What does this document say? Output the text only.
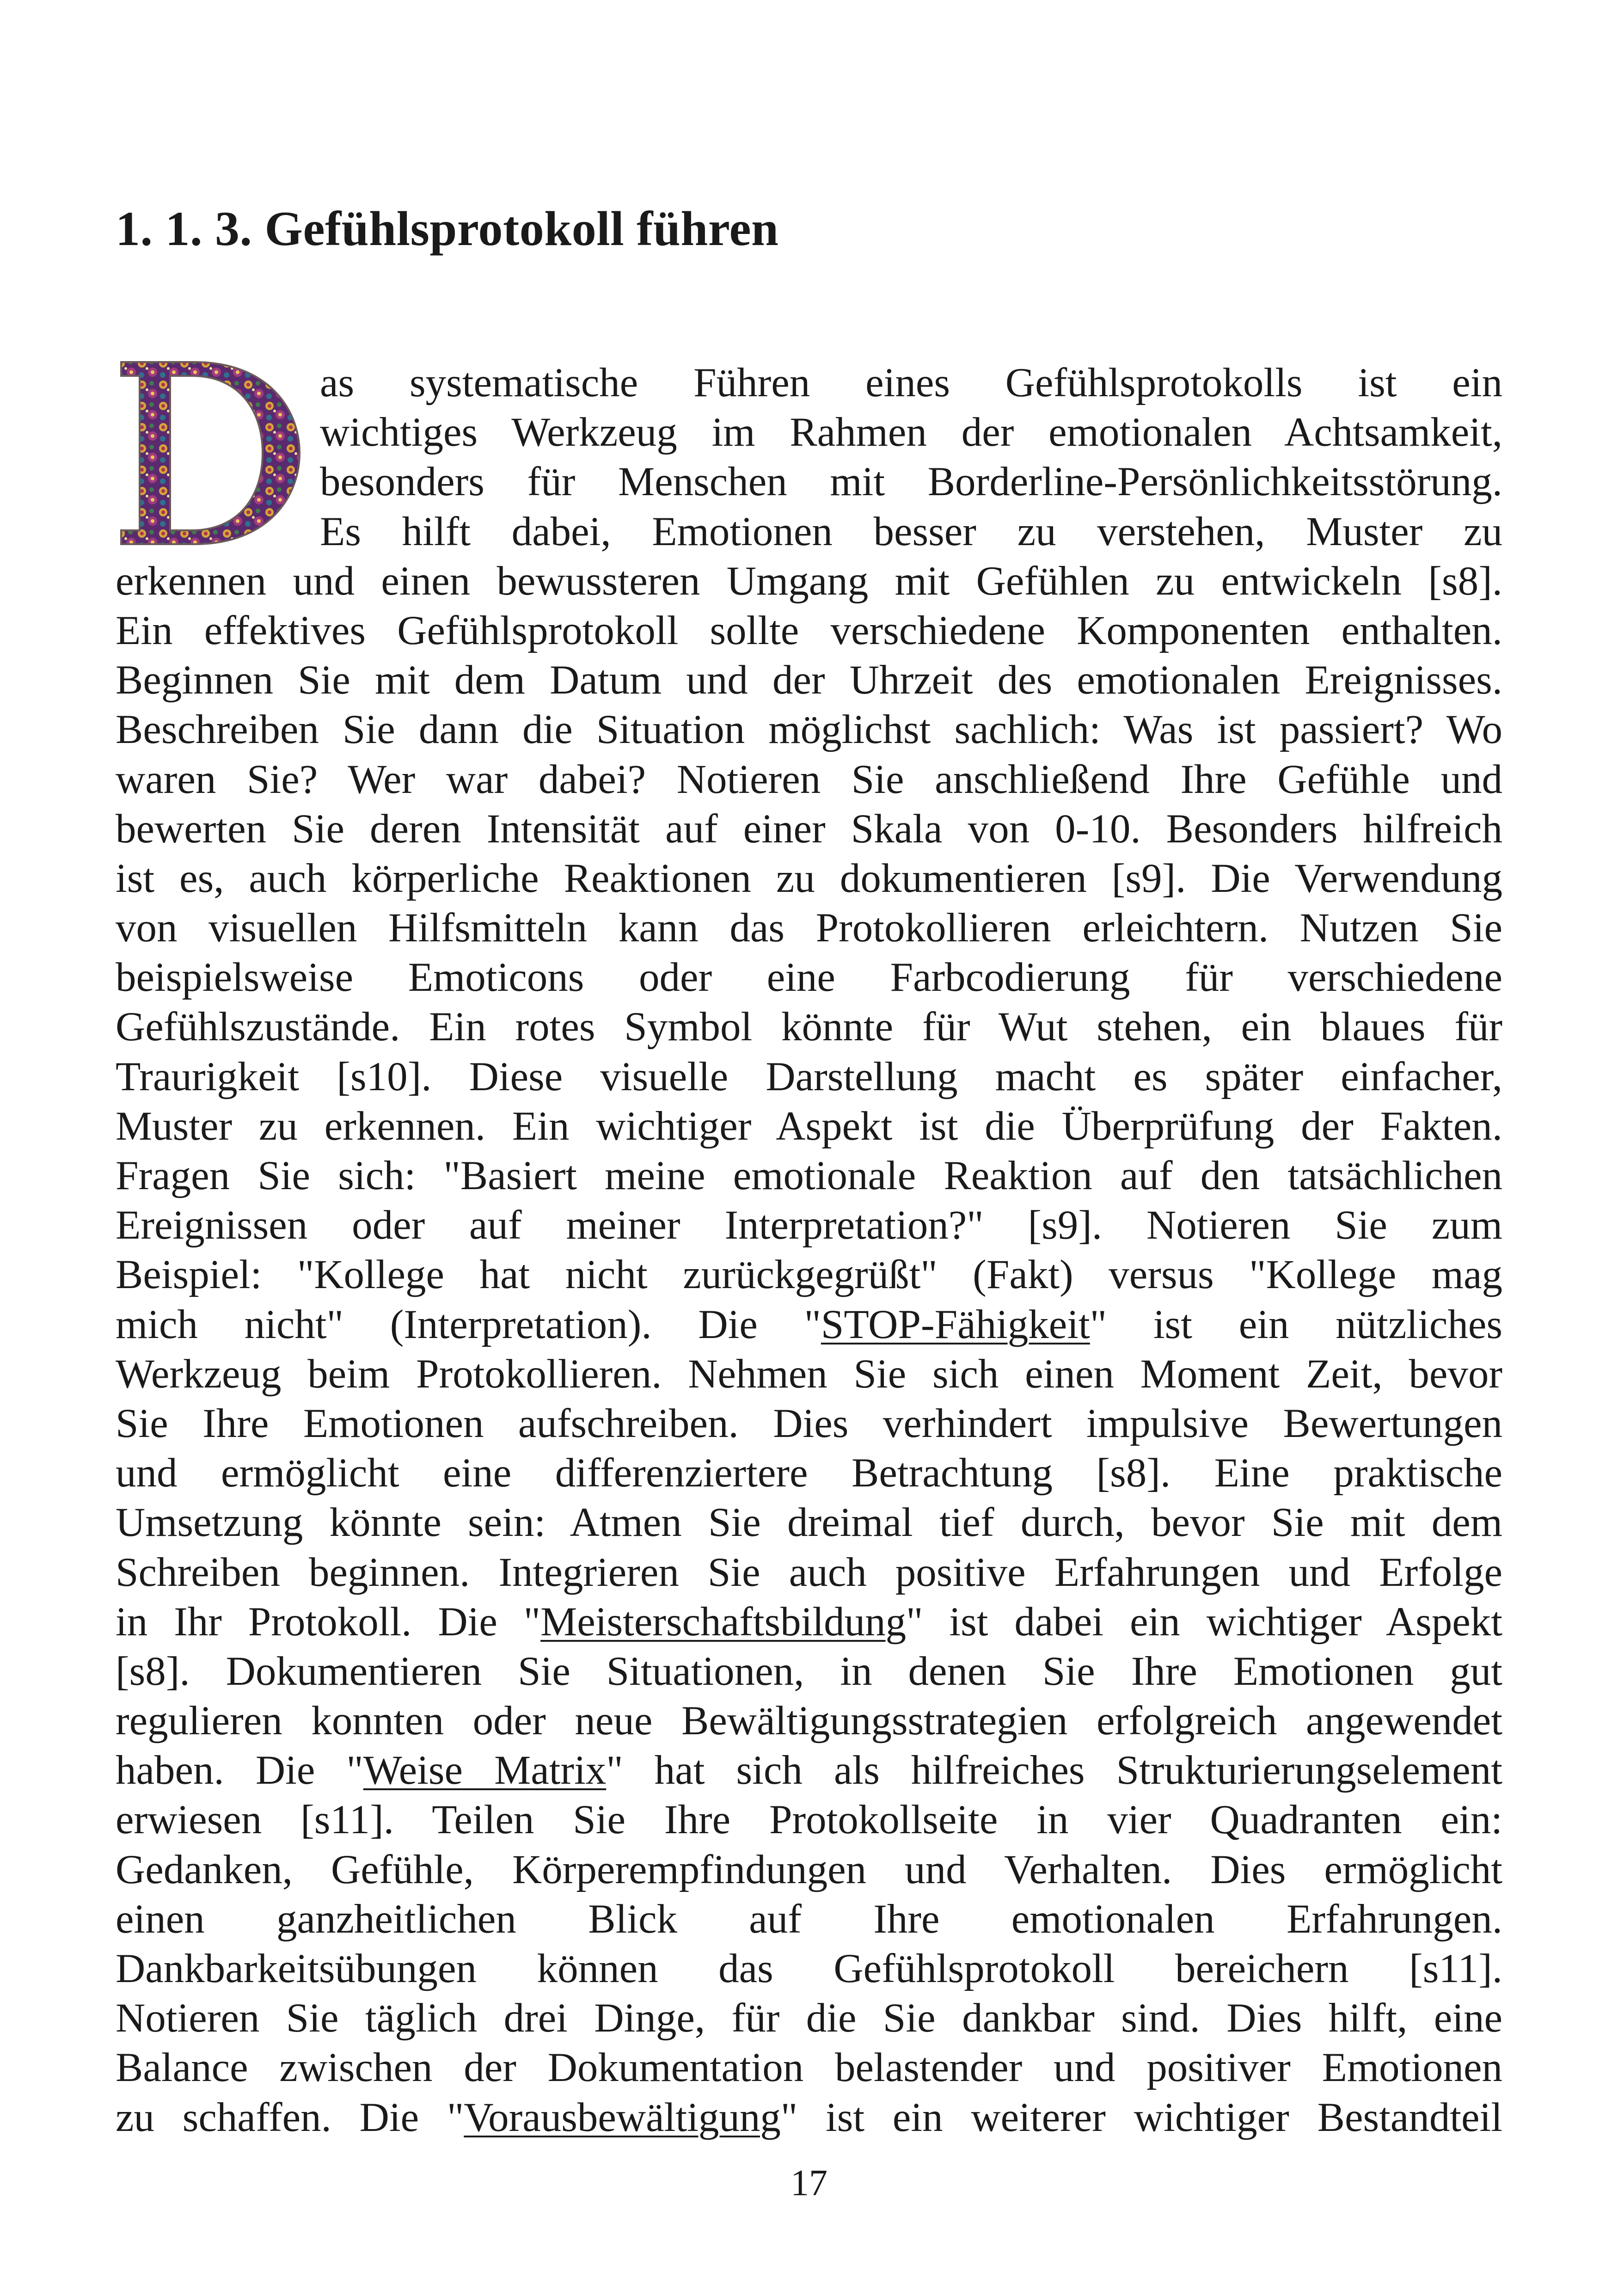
1. 1. 3. Gefühlsprotokoll führen
as systematische Führen eines Gefühlsprotokolls ist ein
wichtiges Werkzeug im Rahmen der emotionalen Achtsamkeit,
besonders für Menschen mit Borderline-Persönlichkeitsstörung.
Es hilft dabei, Emotionen besser zu verstehen, Muster zu
erkennen und einen bewussteren Umgang mit Gefühlen zu entwickeln [s8].
Ein effektives Gefühlsprotokoll sollte verschiedene Komponenten enthalten.
Beginnen Sie mit dem Datum und der Uhrzeit des emotionalen Ereignisses.
Beschreiben Sie dann die Situation möglichst sachlich: Was ist passiert? Wo
waren Sie? Wer war dabei? Notieren Sie anschließend Ihre Gefühle und
bewerten Sie deren Intensität auf einer Skala von 0-10. Besonders hilfreich
ist es, auch körperliche Reaktionen zu dokumentieren [s9]. Die Verwendung
von visuellen Hilfsmitteln kann das Protokollieren erleichtern. Nutzen Sie
beispielsweise Emoticons oder eine Farbcodierung für verschiedene
Gefühlszustände. Ein rotes Symbol könnte für Wut stehen, ein blaues für
Traurigkeit [s10]. Diese visuelle Darstellung macht es später einfacher,
Muster zu erkennen. Ein wichtiger Aspekt ist die Überprüfung der Fakten.
Fragen Sie sich: "Basiert meine emotionale Reaktion auf den tatsächlichen
Ereignissen oder auf meiner Interpretation?" [s9]. Notieren Sie zum
Beispiel: "Kollege hat nicht zurückgegrüßt" (Fakt) versus "Kollege mag
mich nicht" (Interpretation). Die "STOP-Fähigkeit" ist ein nützliches
Werkzeug beim Protokollieren. Nehmen Sie sich einen Moment Zeit, bevor
Sie Ihre Emotionen aufschreiben. Dies verhindert impulsive Bewertungen
und ermöglicht eine differenziertere Betrachtung [s8]. Eine praktische
Umsetzung könnte sein: Atmen Sie dreimal tief durch, bevor Sie mit dem
Schreiben beginnen. Integrieren Sie auch positive Erfahrungen und Erfolge
in Ihr Protokoll. Die "Meisterschaftsbildung" ist dabei ein wichtiger Aspekt
[s8]. Dokumentieren Sie Situationen, in denen Sie Ihre Emotionen gut
regulieren konnten oder neue Bewältigungsstrategien erfolgreich angewendet
haben. Die "Weise Matrix" hat sich als hilfreiches Strukturierungselement
erwiesen [s11]. Teilen Sie Ihre Protokollseite in vier Quadranten ein:
Gedanken, Gefühle, Körperempfindungen und Verhalten. Dies ermöglicht
einen ganzheitlichen Blick auf Ihre emotionalen Erfahrungen.
Dankbarkeitsübungen können das Gefühlsprotokoll bereichern [s11].
Notieren Sie täglich drei Dinge, für die Sie dankbar sind. Dies hilft, eine
Balance zwischen der Dokumentation belastender und positiver Emotionen
zu schaffen. Die "Vorausbewältigung" ist ein weiterer wichtiger Bestandteil
17
